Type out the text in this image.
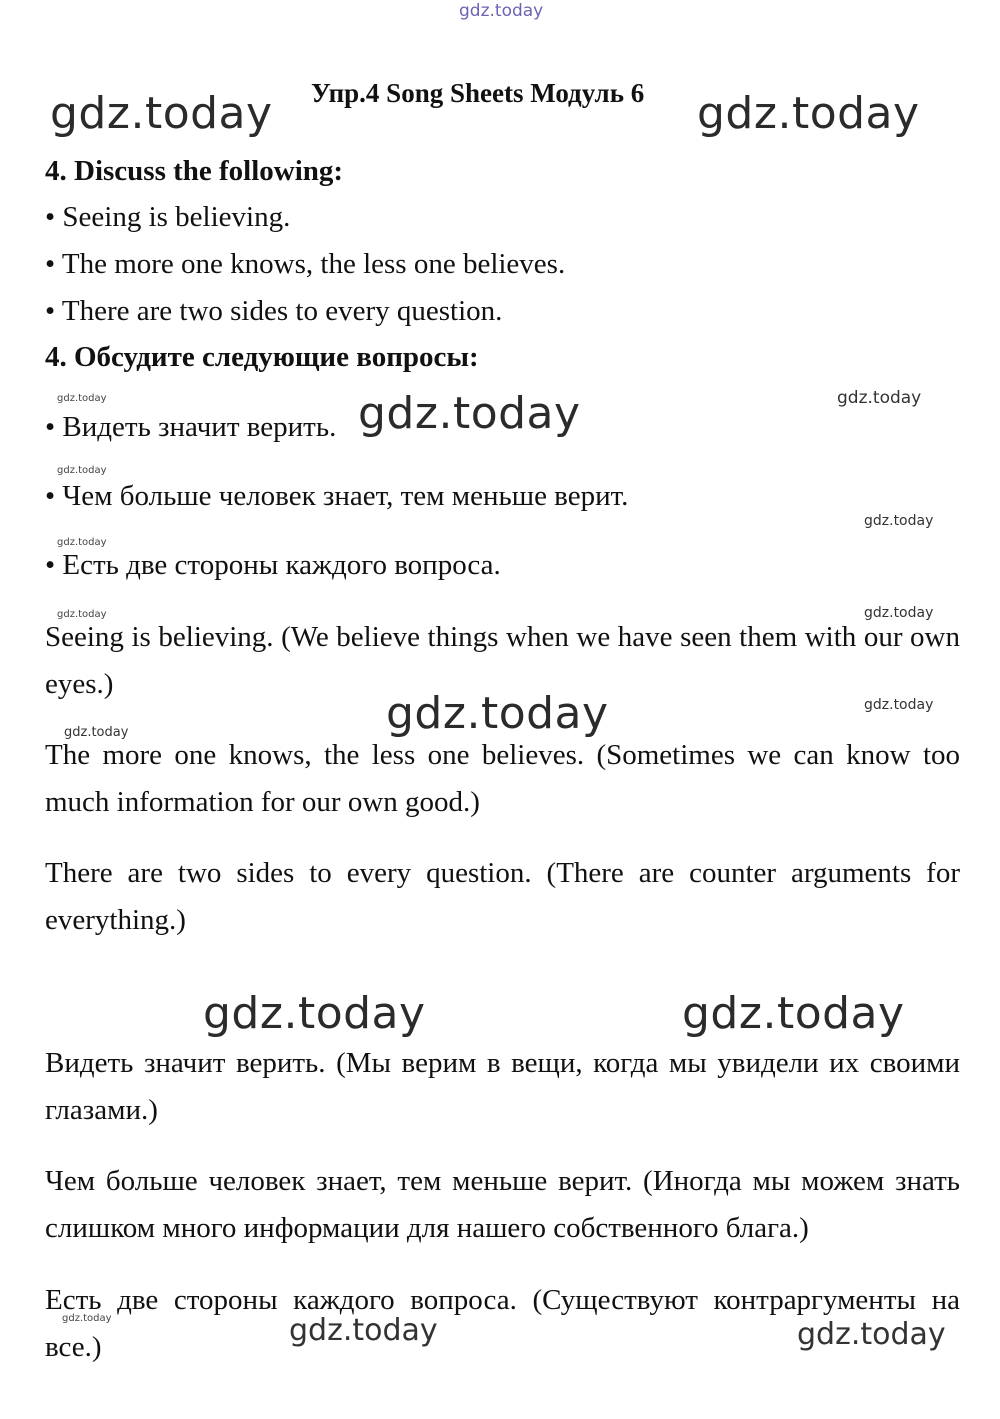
gdz.today
gdz.today	gdz.today
gdz.today	gdz.today
gdz.today
gdz.today
gdz.today
gdz.today
gdz.today	gdz.today
gdz.today
gdz.today
gdz.today
gdz.today	gdz.today
gdz.today	gdz.today	gdz.today
Упр.4 Song Sheets Модуль 6
4. Discuss the following:
• Seeing is believing.
• The more one knows, the less one believes.
• There are two sides to every question.
4. Обсудите следующие вопросы:
• Видеть значит верить.
• Чем больше человек знает, тем меньше верит.
• Есть две стороны каждого вопроса.
Seeing is believing. (We believe things when we have seen them with our own eyes.)
The more one knows, the less one believes. (Sometimes we can know too much information for our own good.)
There are two sides to every question. (There are counter arguments for everything.)
Видеть значит верить. (Мы верим в вещи, когда мы увидели их своими глазами.)
Чем больше человек знает, тем меньше верит. (Иногда мы можем знать слишком много информации для нашего собственного блага.)
Есть две стороны каждого вопроса. (Существуют контраргументы на все.)
